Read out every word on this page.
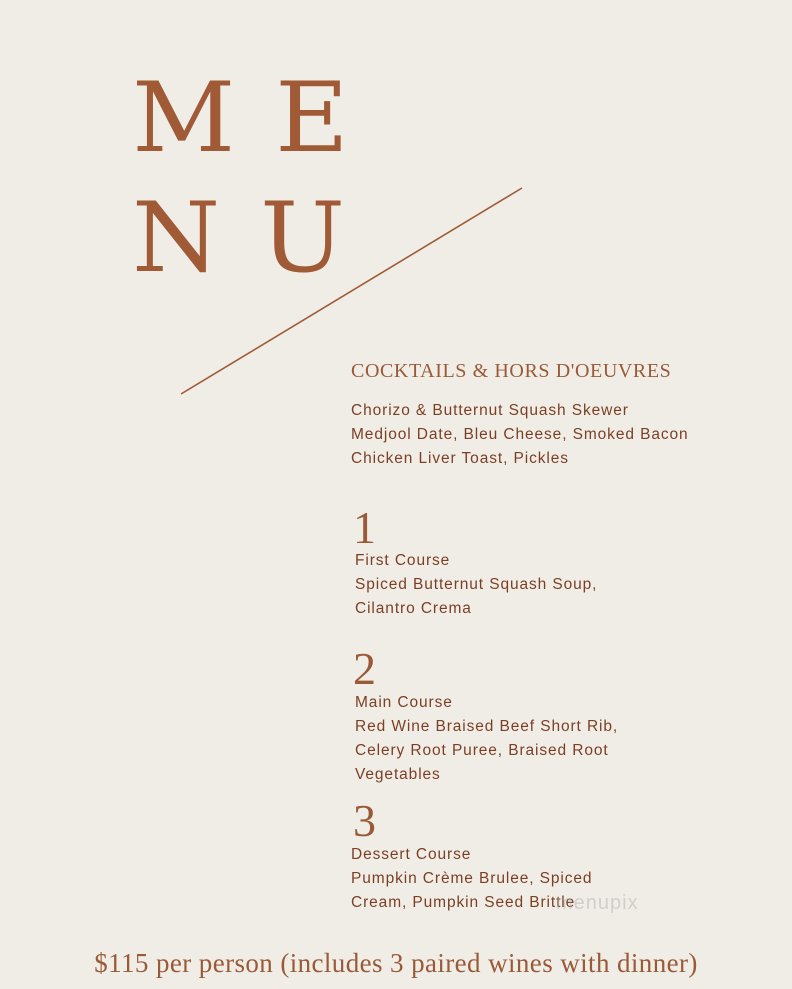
ME
NU
COCKTAILS & HORS D'OEUVRES
Chorizo & Butternut Squash Skewer
Medjool Date, Bleu Cheese, Smoked Bacon
Chicken Liver Toast, Pickles
1
First Course
Spiced Butternut Squash Soup,
Cilantro Crema
2
Main Course
Red Wine Braised Beef Short Rib,
Celery Root Puree, Braised Root
Vegetables
3
Dessert Course
Pumpkin Crème Brulee, Spiced
Cream, Pumpkin Seed Brittle
menupix
$115 per person (includes 3 paired wines with dinner)
